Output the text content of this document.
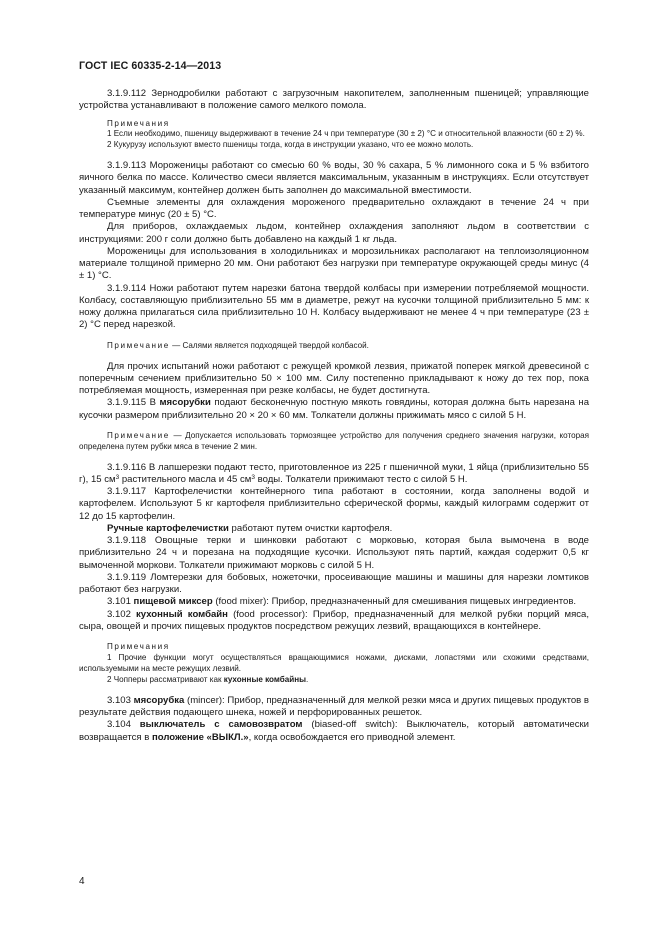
ГОСТ IEC 60335-2-14—2013

3.1.9.112 Зернодробилки работают с загрузочным накопителем, заполненным пшеницей; управляющие устройства устанавливают в положение самого мелкого помола.

Примечания

1 Если необходимо, пшеницу выдерживают в течение 24 ч при температуре (30 ± 2) °С и относительной влажности (60 ± 2) %.

2 Кукурузу используют вместо пшеницы тогда, когда в инструкции указано, что ее можно молоть.

3.1.9.113 Мороженицы работают со смесью 60 % воды, 30 % сахара, 5 % лимонного сока и 5 % взбитого яичного белка по массе. Количество смеси является максимальным, указанным в инструкциях. Если отсутствует указанный максимум, контейнер должен быть заполнен до максимальной вместимости.

Съемные элементы для охлаждения мороженого предварительно охлаждают в течение 24 ч при температуре минус (20 ± 5) °С.

Для приборов, охлаждаемых льдом, контейнер охлаждения заполняют льдом в соответствии с инструкциями: 200 г соли должно быть добавлено на каждый 1 кг льда.

Мороженицы для использования в холодильниках и морозильниках располагают на теплоизоляционном материале толщиной примерно 20 мм. Они работают без нагрузки при температуре окружающей среды минус (4 ± 1) °С.

3.1.9.114 Ножи работают путем нарезки батона твердой колбасы при измерении потребляемой мощности. Колбасу, составляющую приблизительно 55 мм в диаметре, режут на кусочки толщиной приблизительно 5 мм: к ножу должна прилагаться сила приблизительно 10 Н. Колбасу выдерживают не менее 4 ч при температуре (23 ± 2) °С перед нарезкой.

Примечание — Салями является подходящей твердой колбасой.

Для прочих испытаний ножи работают с режущей кромкой лезвия, прижатой поперек мягкой древесиной с поперечным сечением приблизительно 50 × 100 мм. Силу постепенно прикладывают к ножу до тех пор, пока потребляемая мощность, измеренная при резке колбасы, не будет достигнута.

3.1.9.115 В мясорубки подают бесконечную постную мякоть говядины, которая должна быть нарезана на кусочки размером приблизительно 20 × 20 × 60 мм. Толкатели должны прижимать мясо с силой 5 Н.

Примечание — Допускается использовать тормозящее устройство для получения среднего значения нагрузки, которая определена путем рубки мяса в течение 2 мин.

3.1.9.116 В лапшерезки подают тесто, приготовленное из 225 г пшеничной муки, 1 яйца (приблизительно 55 г), 15 $см^3$ растительного масла и 45 $см^3$ воды. Толкатели прижимают тесто с силой 5 Н.

3.1.9.117 Картофелечистки контейнерного типа работают в состоянии, когда заполнены водой и картофелем. Используют 5 кг картофеля приблизительно сферической формы, каждый килограмм содержит от 12 до 15 картофелин.

Ручные картофелечистки работают путем очистки картофеля.

3.1.9.118 Овощные терки и шинковки работают с морковью, которая была вымочена в воде приблизительно 24 ч и порезана на подходящие кусочки. Используют пять партий, каждая содержит 0,5 кг вымоченной моркови. Толкатели прижимают морковь с силой 5 Н.

3.1.9.119 Ломтерезки для бобовых, ножеточки, просеивающие машины и машины для нарезки ломтиков работают без нагрузки.

3.101 пищевой миксер (food mixer): Прибор, предназначенный для смешивания пищевых ингредиентов.

3.102 кухонный комбайн (food processor): Прибор, предназначенный для мелкой рубки порций мяса, сыра, овощей и прочих пищевых продуктов посредством режущих лезвий, вращающихся в контейнере.

Примечания

1 Прочие функции могут осуществляться вращающимися ножами, дисками, лопастями или схожими средствами, используемыми на месте режущих лезвий.

2 Чопперы рассматривают как кухонные комбайны.

3.103 мясорубка (mincer): Прибор, предназначенный для мелкой резки мяса и других пищевых продуктов в результате действия подающего шнека, ножей и перфорированных решеток.

3.104 выключатель с самовозвратом (biased-off switch): Выключатель, который автоматически возвращается в положение «ВЫКЛ.», когда освобождается его приводной элемент.

4
